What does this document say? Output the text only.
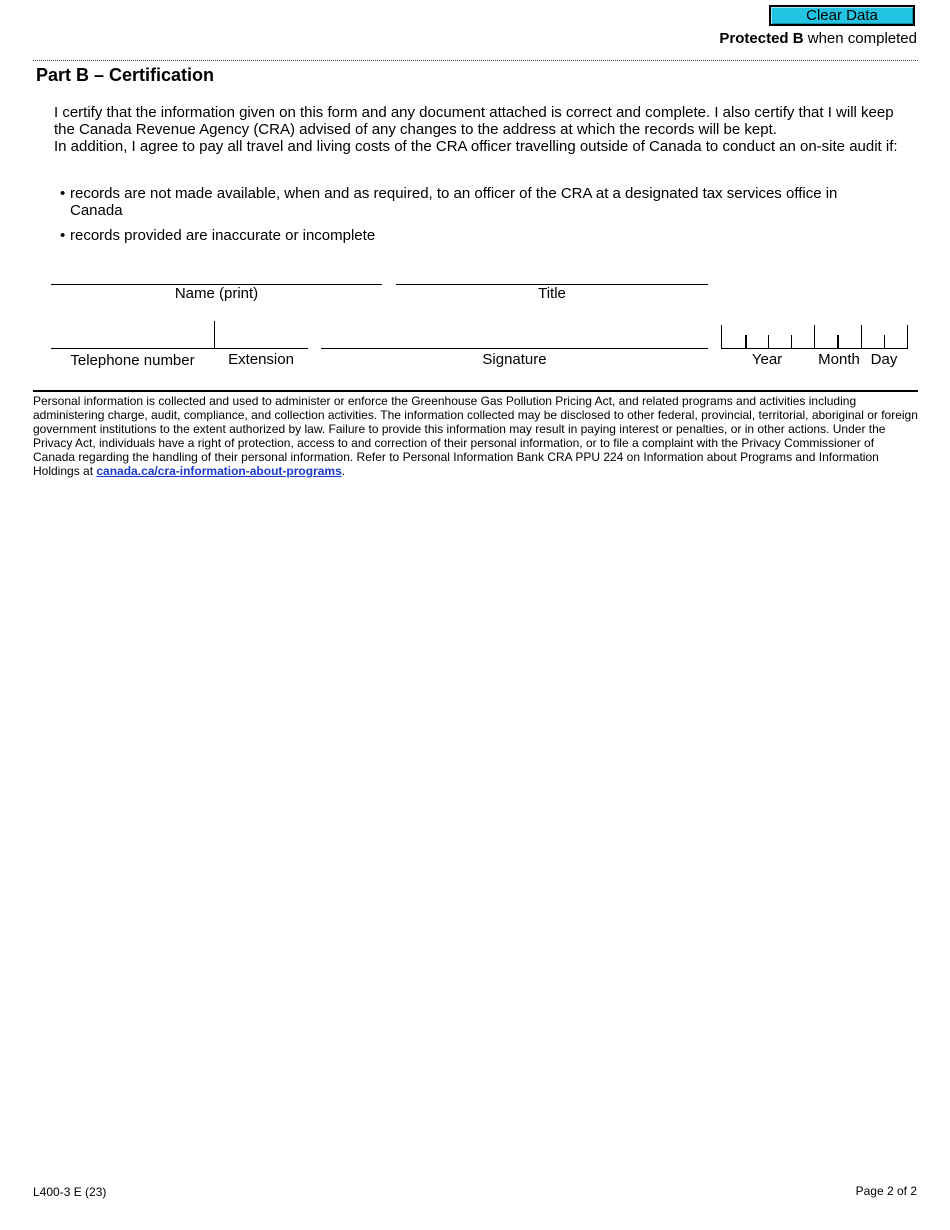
Clear Data
Protected B when completed
Part B – Certification

I certify that the information given on this form and any document attached is correct and complete. I also certify that I will keep the Canada Revenue Agency (CRA) advised of any changes to the address at which the records will be kept.

In addition, I agree to pay all travel and living costs of the CRA officer travelling outside of Canada to conduct an on-site audit if:

• records are not made available, when and as required, to an officer of the CRA at a designated tax services office in Canada
• records provided are inaccurate or incomplete
Name (print)	Title
Telephone number	Extension	Signature	Year	Month Day
Personal information is collected and used to administer or enforce the Greenhouse Gas Pollution Pricing Act, and related programs and activities including administering charge, audit, compliance, and collection activities. The information collected may be disclosed to other federal, provincial, territorial, aboriginal or foreign government institutions to the extent authorized by law. Failure to provide this information may result in paying interest or penalties, or in other actions. Under the Privacy Act, individuals have a right of protection, access to and correction of their personal information, or to file a complaint with the Privacy Commissioner of Canada regarding the handling of their personal information. Refer to Personal Information Bank CRA PPU 224 on Information about Programs and Information Holdings at canada.ca/cra-information-about-programs.
L400-3 E (23)	Page 2 of 2
